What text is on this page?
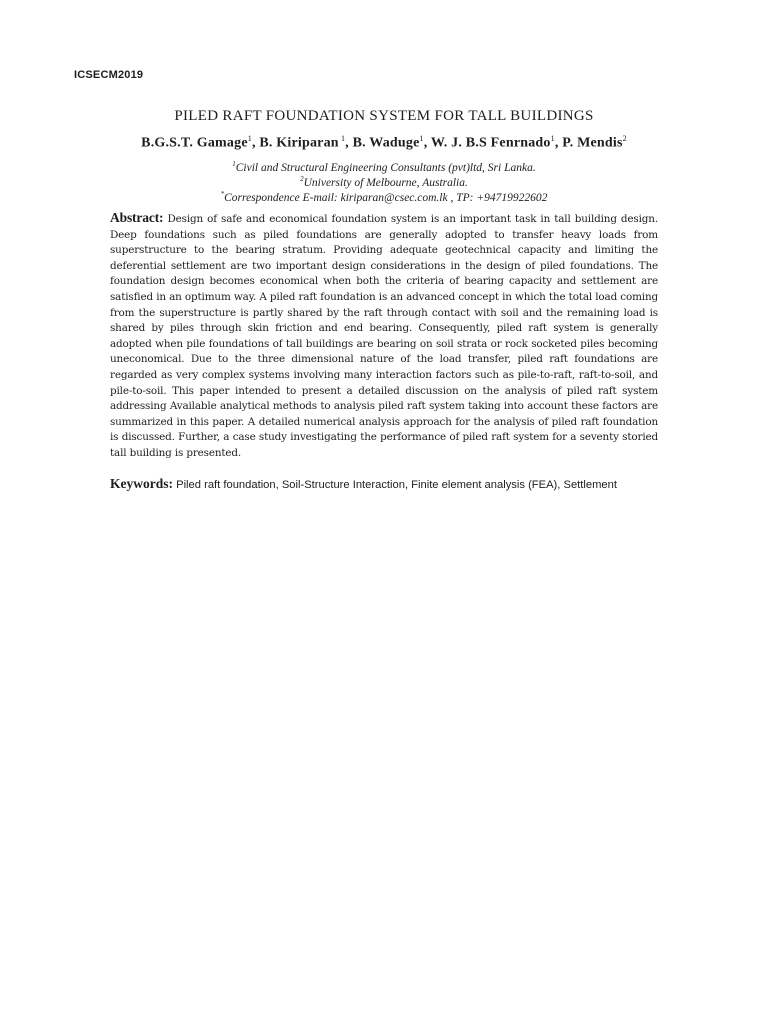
ICSECM2019
PILED RAFT FOUNDATION SYSTEM FOR TALL BUILDINGS
B.G.S.T. Gamage$^1$, B. Kiriparan $^1$, B. Waduge$^1$, W. J. B.S Fenrnado$^1$, P. Mendis$^2$
$^1$Civil and Structural Engineering Consultants (pvt)ltd, Sri Lanka.
$^2$University of Melbourne, Australia.
*Correspondence E-mail: kiriparan@csec.com.lk , TP: +94719922602
Abstract: Design of safe and economical foundation system is an important task in tall building design. Deep foundations such as piled foundations are generally adopted to transfer heavy loads from superstructure to the bearing stratum. Providing adequate geotechnical capacity and limiting the deferential settlement are two important design considerations in the design of piled foundations. The foundation design becomes economical when both the criteria of bearing capacity and settlement are satisfied in an optimum way. A piled raft foundation is an advanced concept in which the total load coming from the superstructure is partly shared by the raft through contact with soil and the remaining load is shared by piles through skin friction and end bearing. Consequently, piled raft system is generally adopted when pile foundations of tall buildings are bearing on soil strata or rock socketed piles becoming uneconomical. Due to the three dimensional nature of the load transfer, piled raft foundations are regarded as very complex systems involving many interaction factors such as pile-to-raft, raft-to-soil, and pile-to-soil. This paper intended to present a detailed discussion on the analysis of piled raft system addressing Available analytical methods to analysis piled raft system taking into account these factors are summarized in this paper. A detailed numerical analysis approach for the analysis of piled raft foundation is discussed. Further, a case study investigating the performance of piled raft system for a seventy storied tall building is presented.
Keywords: Piled raft foundation, Soil-Structure Interaction, Finite element analysis (FEA), Settlement
